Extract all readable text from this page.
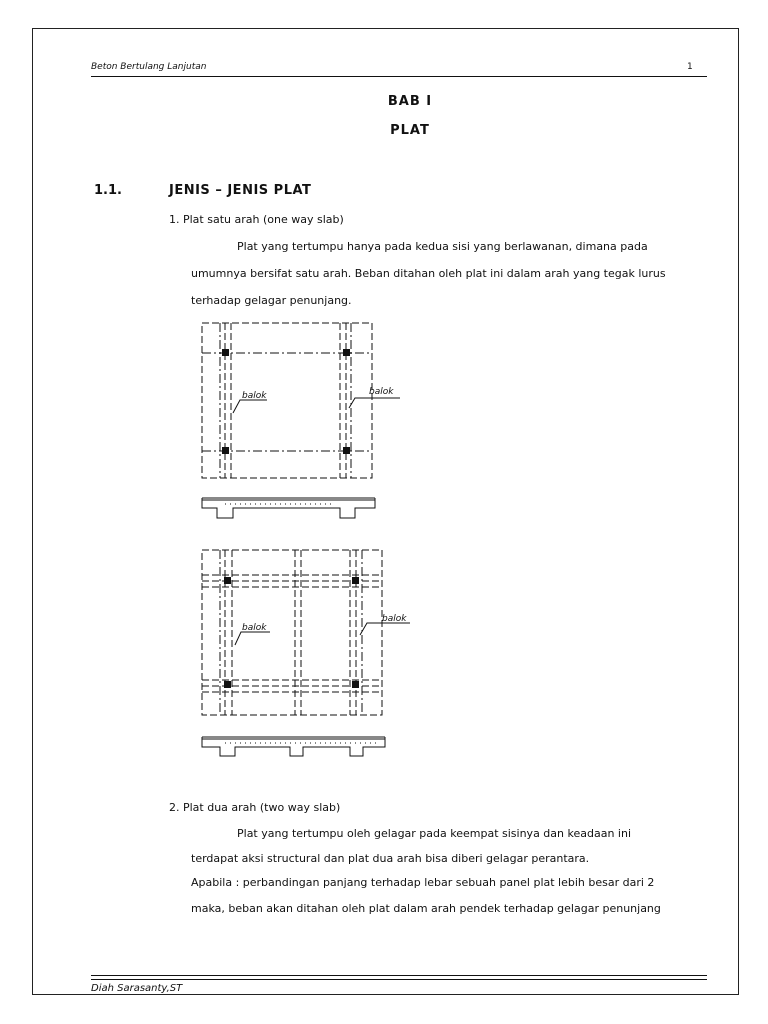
Beton Bertulang Lanjutan	1
BAB I
PLAT
1.1.	JENIS – JENIS PLAT
1. Plat satu arah (one way slab)
Plat yang tertumpu hanya pada kedua sisi yang berlawanan, dimana pada
umumnya bersifat satu arah. Beban ditahan oleh plat ini dalam arah yang tegak lurus
terhadap gelagar penunjang.
balok	balok
balok
balok
2. Plat dua arah (two way slab)
Plat yang tertumpu oleh gelagar pada keempat sisinya dan keadaan ini
terdapat aksi structural dan plat dua arah bisa diberi gelagar perantara.
Apabila : perbandingan panjang terhadap lebar sebuah panel plat lebih besar dari 2
maka, beban akan ditahan oleh plat dalam arah pendek terhadap gelagar penunjang
Diah Sarasanty,ST
